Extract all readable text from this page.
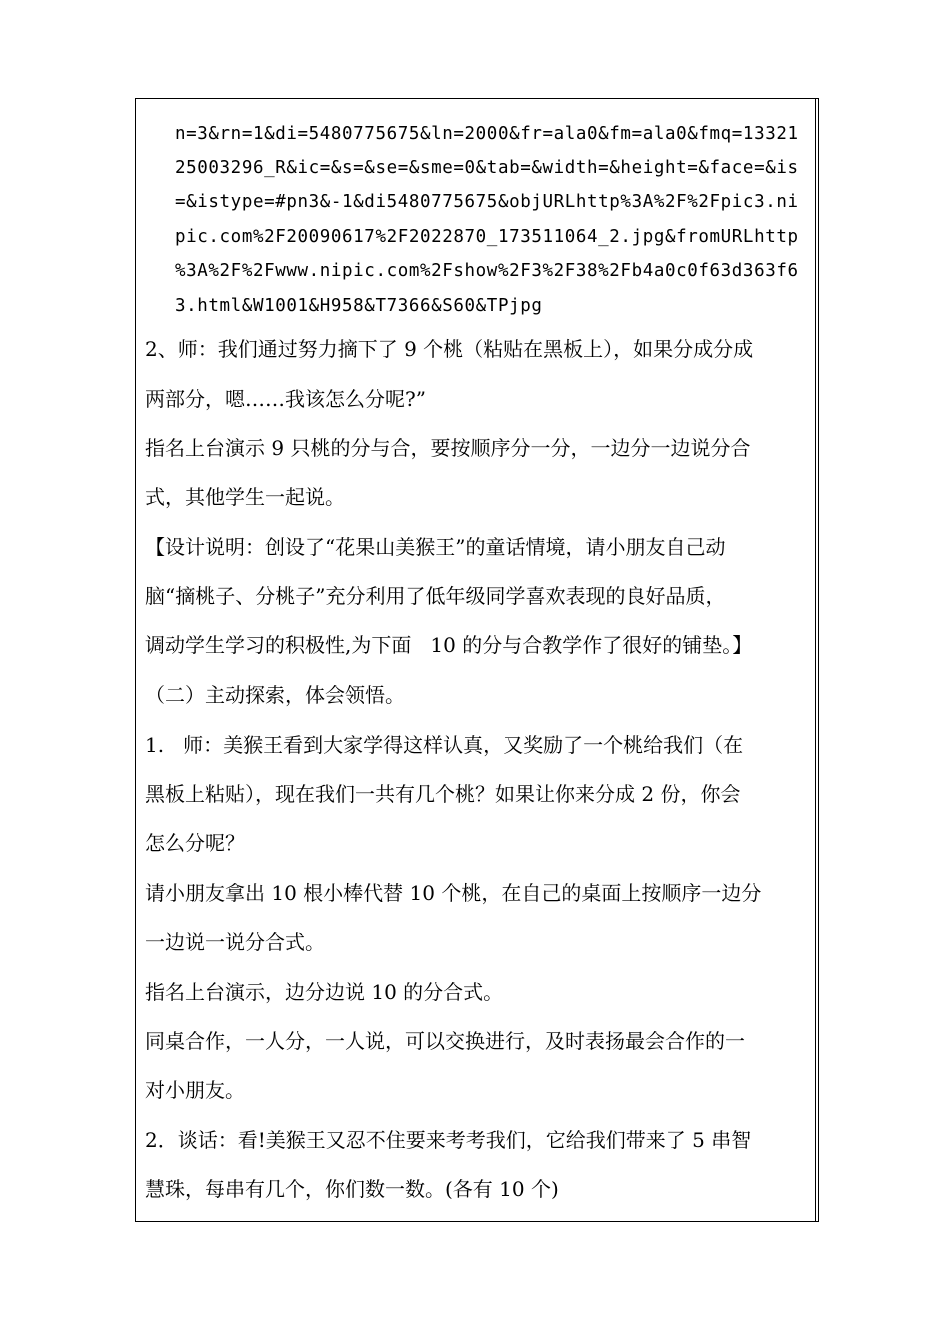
n=3&rn=1&di=5480775675&ln=2000&fr=ala0&fm=ala0&fmq=13321
25003296_R&ic=&s=&se=&sme=0&tab=&width=&height=&face=&is
=&istype=#pn3&-1&di5480775675&objURLhttp%3A%2F%2Fpic3.ni
pic.com%2F20090617%2F2022870_173511064_2.jpg&fromURLhttp
%3A%2F%2Fwww.nipic.com%2Fshow%2F3%2F38%2Fb4a0c0f63d363f6
3.html&W1001&H958&T7366&S60&TPjpg
2、师：我们通过努力摘下了 9 个桃（粘贴在黑板上），如果分成分成
两部分，嗯……我该怎么分呢?”
指名上台演示 9 只桃的分与合，要按顺序分一分，一边分一边说分合
式，其他学生一起说。
【设计说明：创设了“花果山美猴王”的童话情境，请小朋友自己动
脑“摘桃子、分桃子”充分利用了低年级同学喜欢表现的良好品质，
调动学生学习的积极性,为下面   10 的分与合教学作了很好的铺垫。】
（二）主动探索，体会领悟。
1.   师：美猴王看到大家学得这样认真，又奖励了一个桃给我们（在
黑板上粘贴），现在我们一共有几个桃？如果让你来分成 2 份，你会
怎么分呢？
请小朋友拿出 10 根小棒代替 10 个桃，在自己的桌面上按顺序一边分
一边说一说分合式。
指名上台演示，边分边说 10 的分合式。
同桌合作，一人分，一人说，可以交换进行，及时表扬最会合作的一
对小朋友。
2．谈话：看!美猴王又忍不住要来考考我们，它给我们带来了 5 串智
慧珠，每串有几个，你们数一数。(各有 10 个)
